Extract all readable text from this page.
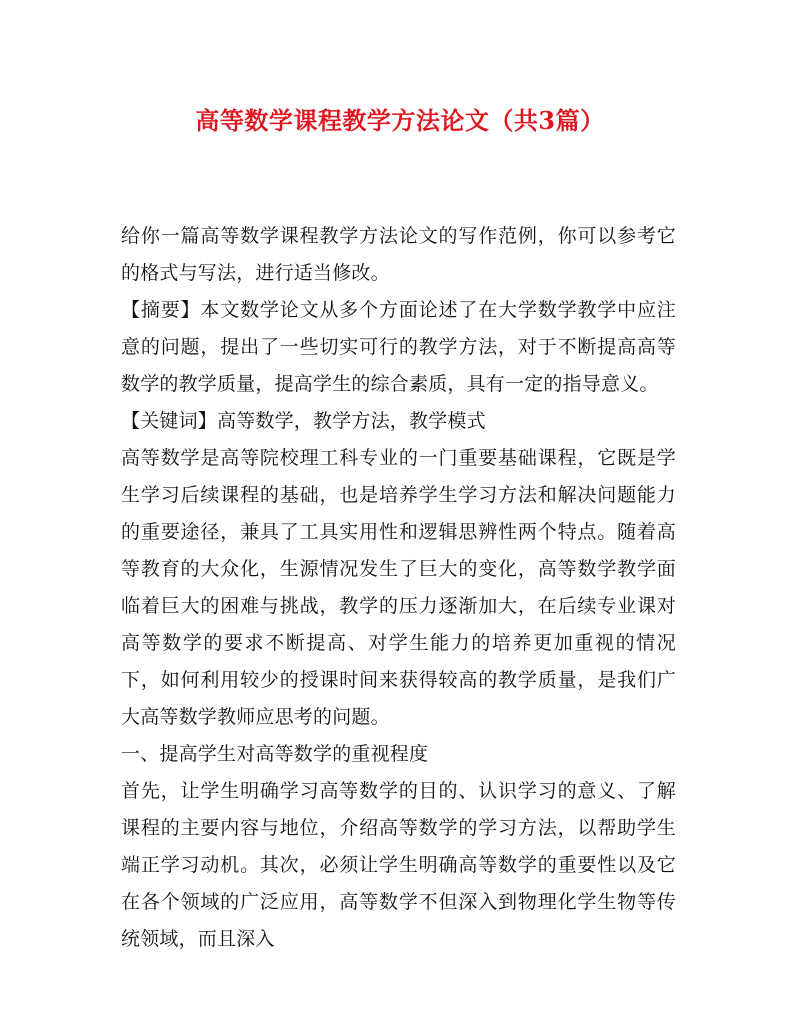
高等数学课程教学方法论文（共3篇）

给你一篇高等数学课程教学方法论文的写作范例，你可以参考它的格式与写法，进行适当修改。

【摘要】本文数学论文从多个方面论述了在大学数学教学中应注意的问题，提出了一些切实可行的教学方法，对于不断提高高等数学的教学质量，提高学生的综合素质，具有一定的指导意义。

【关键词】高等数学，教学方法，教学模式

高等数学是高等院校理工科专业的一门重要基础课程，它既是学生学习后续课程的基础，也是培养学生学习方法和解决问题能力的重要途径，兼具了工具实用性和逻辑思辨性两个特点。随着高等教育的大众化，生源情况发生了巨大的变化，高等数学教学面临着巨大的困难与挑战，教学的压力逐渐加大，在后续专业课对高等数学的要求不断提高、对学生能力的培养更加重视的情况下，如何利用较少的授课时间来获得较高的教学质量，是我们广大高等数学教师应思考的问题。

一、提高学生对高等数学的重视程度

首先，让学生明确学习高等数学的目的、认识学习的意义、了解课程的主要内容与地位，介绍高等数学的学习方法，以帮助学生端正学习动机。其次，必须让学生明确高等数学的重要性以及它在各个领域的广泛应用，高等数学不但深入到物理化学生物等传统领域，而且深入
